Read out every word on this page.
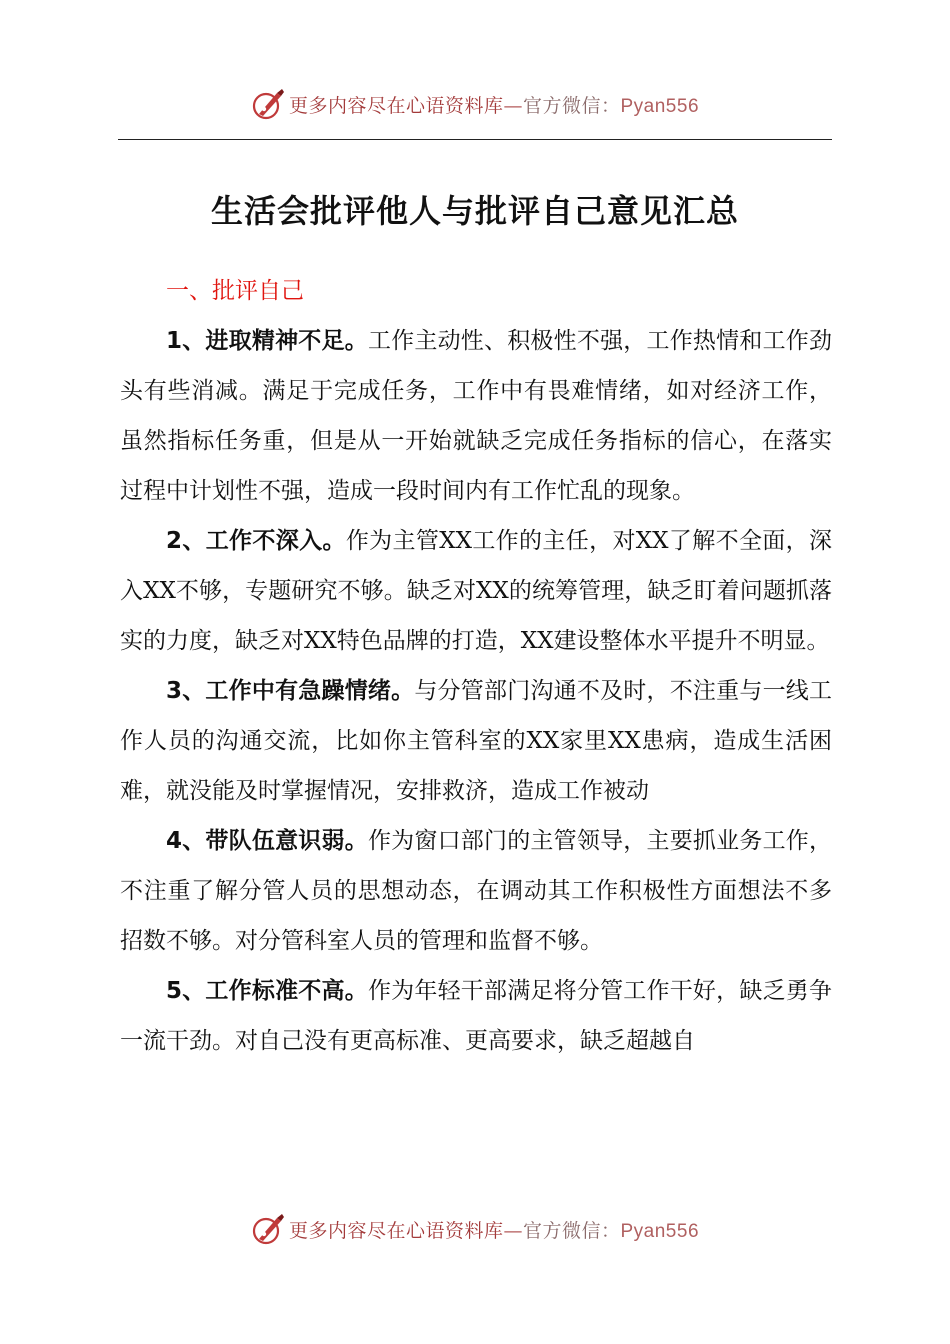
更多内容尽在心语资料库—官方微信：Pyan556
生活会批评他人与批评自己意见汇总

一、批评自己

1、进取精神不足。工作主动性、积极性不强，工作热情和工作劲头有些消减。满足于完成任务，工作中有畏难情绪，如对经济工作，虽然指标任务重，但是从一开始就缺乏完成任务指标的信心，在落实过程中计划性不强，造成一段时间内有工作忙乱的现象。

2、工作不深入。作为主管XX工作的主任，对XX了解不全面，深入XX不够，专题研究不够。缺乏对XX的统筹管理，缺乏盯着问题抓落实的力度，缺乏对XX特色品牌的打造，XX建设整体水平提升不明显。

3、工作中有急躁情绪。与分管部门沟通不及时，不注重与一线工作人员的沟通交流，比如你主管科室的XX家里XX患病，造成生活困难，就没能及时掌握情况，安排救济，造成工作被动

4、带队伍意识弱。作为窗口部门的主管领导，主要抓业务工作，不注重了解分管人员的思想动态，在调动其工作积极性方面想法不多招数不够。对分管科室人员的管理和监督不够。

5、工作标准不高。作为年轻干部满足将分管工作干好，缺乏勇争一流干劲。对自己没有更高标准、更高要求，缺乏超越自

更多内容尽在心语资料库—官方微信：Pyan556
